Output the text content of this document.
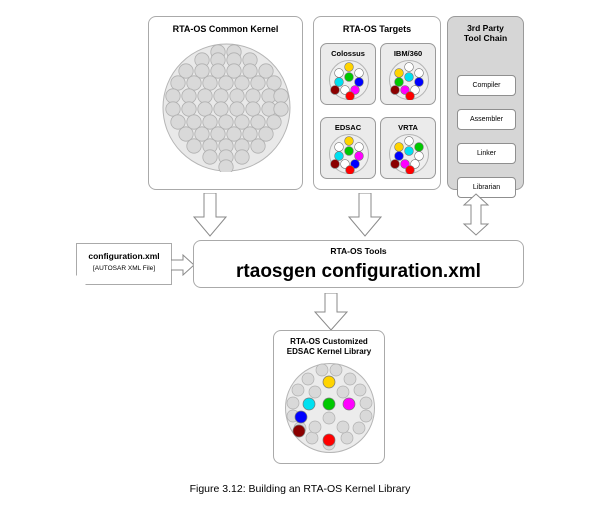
RTA-OS Common Kernel	RTA-OS Targets
Colossus	IBM/360
EDSAC	VRTA
3rd Party
Tool Chain
Compiler
Assembler
Linker
Librarian
configuration.xml
[AUTOSAR XML File]
RTA-OS Tools
rtaosgen configuration.xml
RTA-OS Customized
EDSAC Kernel Library
Figure 3.12: Building an RTA-OS Kernel Library
